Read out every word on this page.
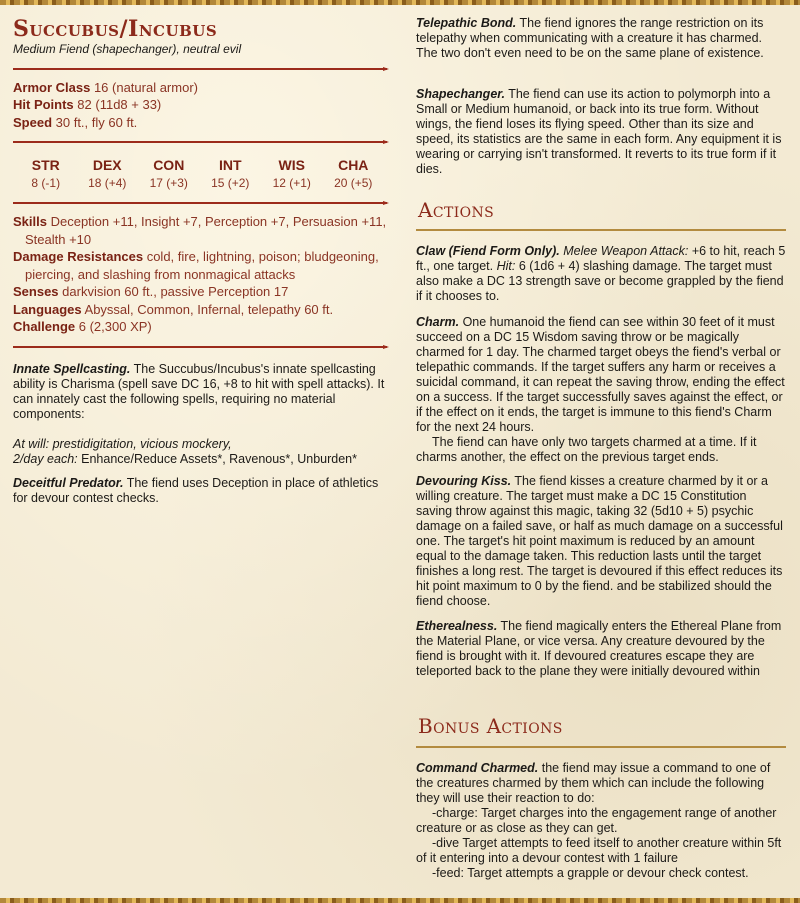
Succubus/Incubus

Medium Fiend (shapechanger), neutral evil

Armor Class 16 (natural armor)

Hit Points 82 (11d8 + 33)

Speed 30 ft., fly 60 ft.

STR
8 (-1)
DEX
18 (+4)
CON
17 (+3)
INT
15 (+2)
WIS
12 (+1)
CHA
20 (+5)
Skills Deception +11, Insight +7, Perception +7, Persuasion +11, Stealth +10
Damage Resistances cold, fire, lightning, poison; bludgeoning, piercing, and slashing from nonmagical attacks
Senses darkvision 60 ft., passive Perception 17
Languages Abyssal, Common, Infernal, telepathy 60 ft.
Challenge 6 (2,300 XP)

Innate Spellcasting. The Succubus/Incubus's innate spellcasting ability is Charisma (spell save DC 16, +8 to hit with spell attacks). It can innately cast the following spells, requiring no material components:

At will: prestidigitation, vicious mockery,

2/day each: Enhance/Reduce Assets*, Ravenous*, Unburden*

Deceitful Predator. The fiend uses Deception in place of athletics for devour contest checks.

Telepathic Bond. The fiend ignores the range restriction on its telepathy when communicating with a creature it has charmed. The two don't even need to be on the same plane of existence.

Shapechanger. The fiend can use its action to polymorph into a Small or Medium humanoid, or back into its true form. Without wings, the fiend loses its flying speed. Other than its size and speed, its statistics are the same in each form. Any equipment it is wearing or carrying isn't transformed. It reverts to its true form if it dies.

Actions

Claw (Fiend Form Only). Melee Weapon Attack: +6 to hit, reach 5 ft., one target. Hit: 6 (1d6 + 4) slashing damage. The target must also make a DC 13 strength save or become grappled by the fiend if it chooses to.

Charm. One humanoid the fiend can see within 30 feet of it must succeed on a DC 15 Wisdom saving throw or be magically charmed for 1 day. The charmed target obeys the fiend's verbal or telepathic commands. If the target suffers any harm or receives a suicidal command, it can repeat the saving throw, ending the effect on a success. If the target successfully saves against the effect, or if the effect on it ends, the target is immune to this fiend's Charm for the next 24 hours.
The fiend can have only two targets charmed at a time. If it charms another, the effect on the previous target ends.

Devouring Kiss. The fiend kisses a creature charmed by it or a willing creature. The target must make a DC 15 Constitution saving throw against this magic, taking 32 (5d10 + 5) psychic damage on a failed save, or half as much damage on a successful one. The target's hit point maximum is reduced by an amount equal to the damage taken. This reduction lasts until the target finishes a long rest. The target is devoured if this effect reduces its hit point maximum to 0 by the fiend. and be stabilized should the fiend choose.

Etherealness. The fiend magically enters the Ethereal Plane from the Material Plane, or vice versa. Any creature devoured by the fiend is brought with it. If devoured creatures escape they are teleported back to the plane they were initially devoured within

Bonus Actions

Command Charmed. the fiend may issue a command to one of the creatures charmed by them which can include the following they will use their reaction to do:
-charge: Target charges into the engagement range of another creature or as close as they can get.
-dive Target attempts to feed itself to another creature within 5ft of it entering into a devour contest with 1 failure
-feed: Target attempts a grapple or devour check contest.
